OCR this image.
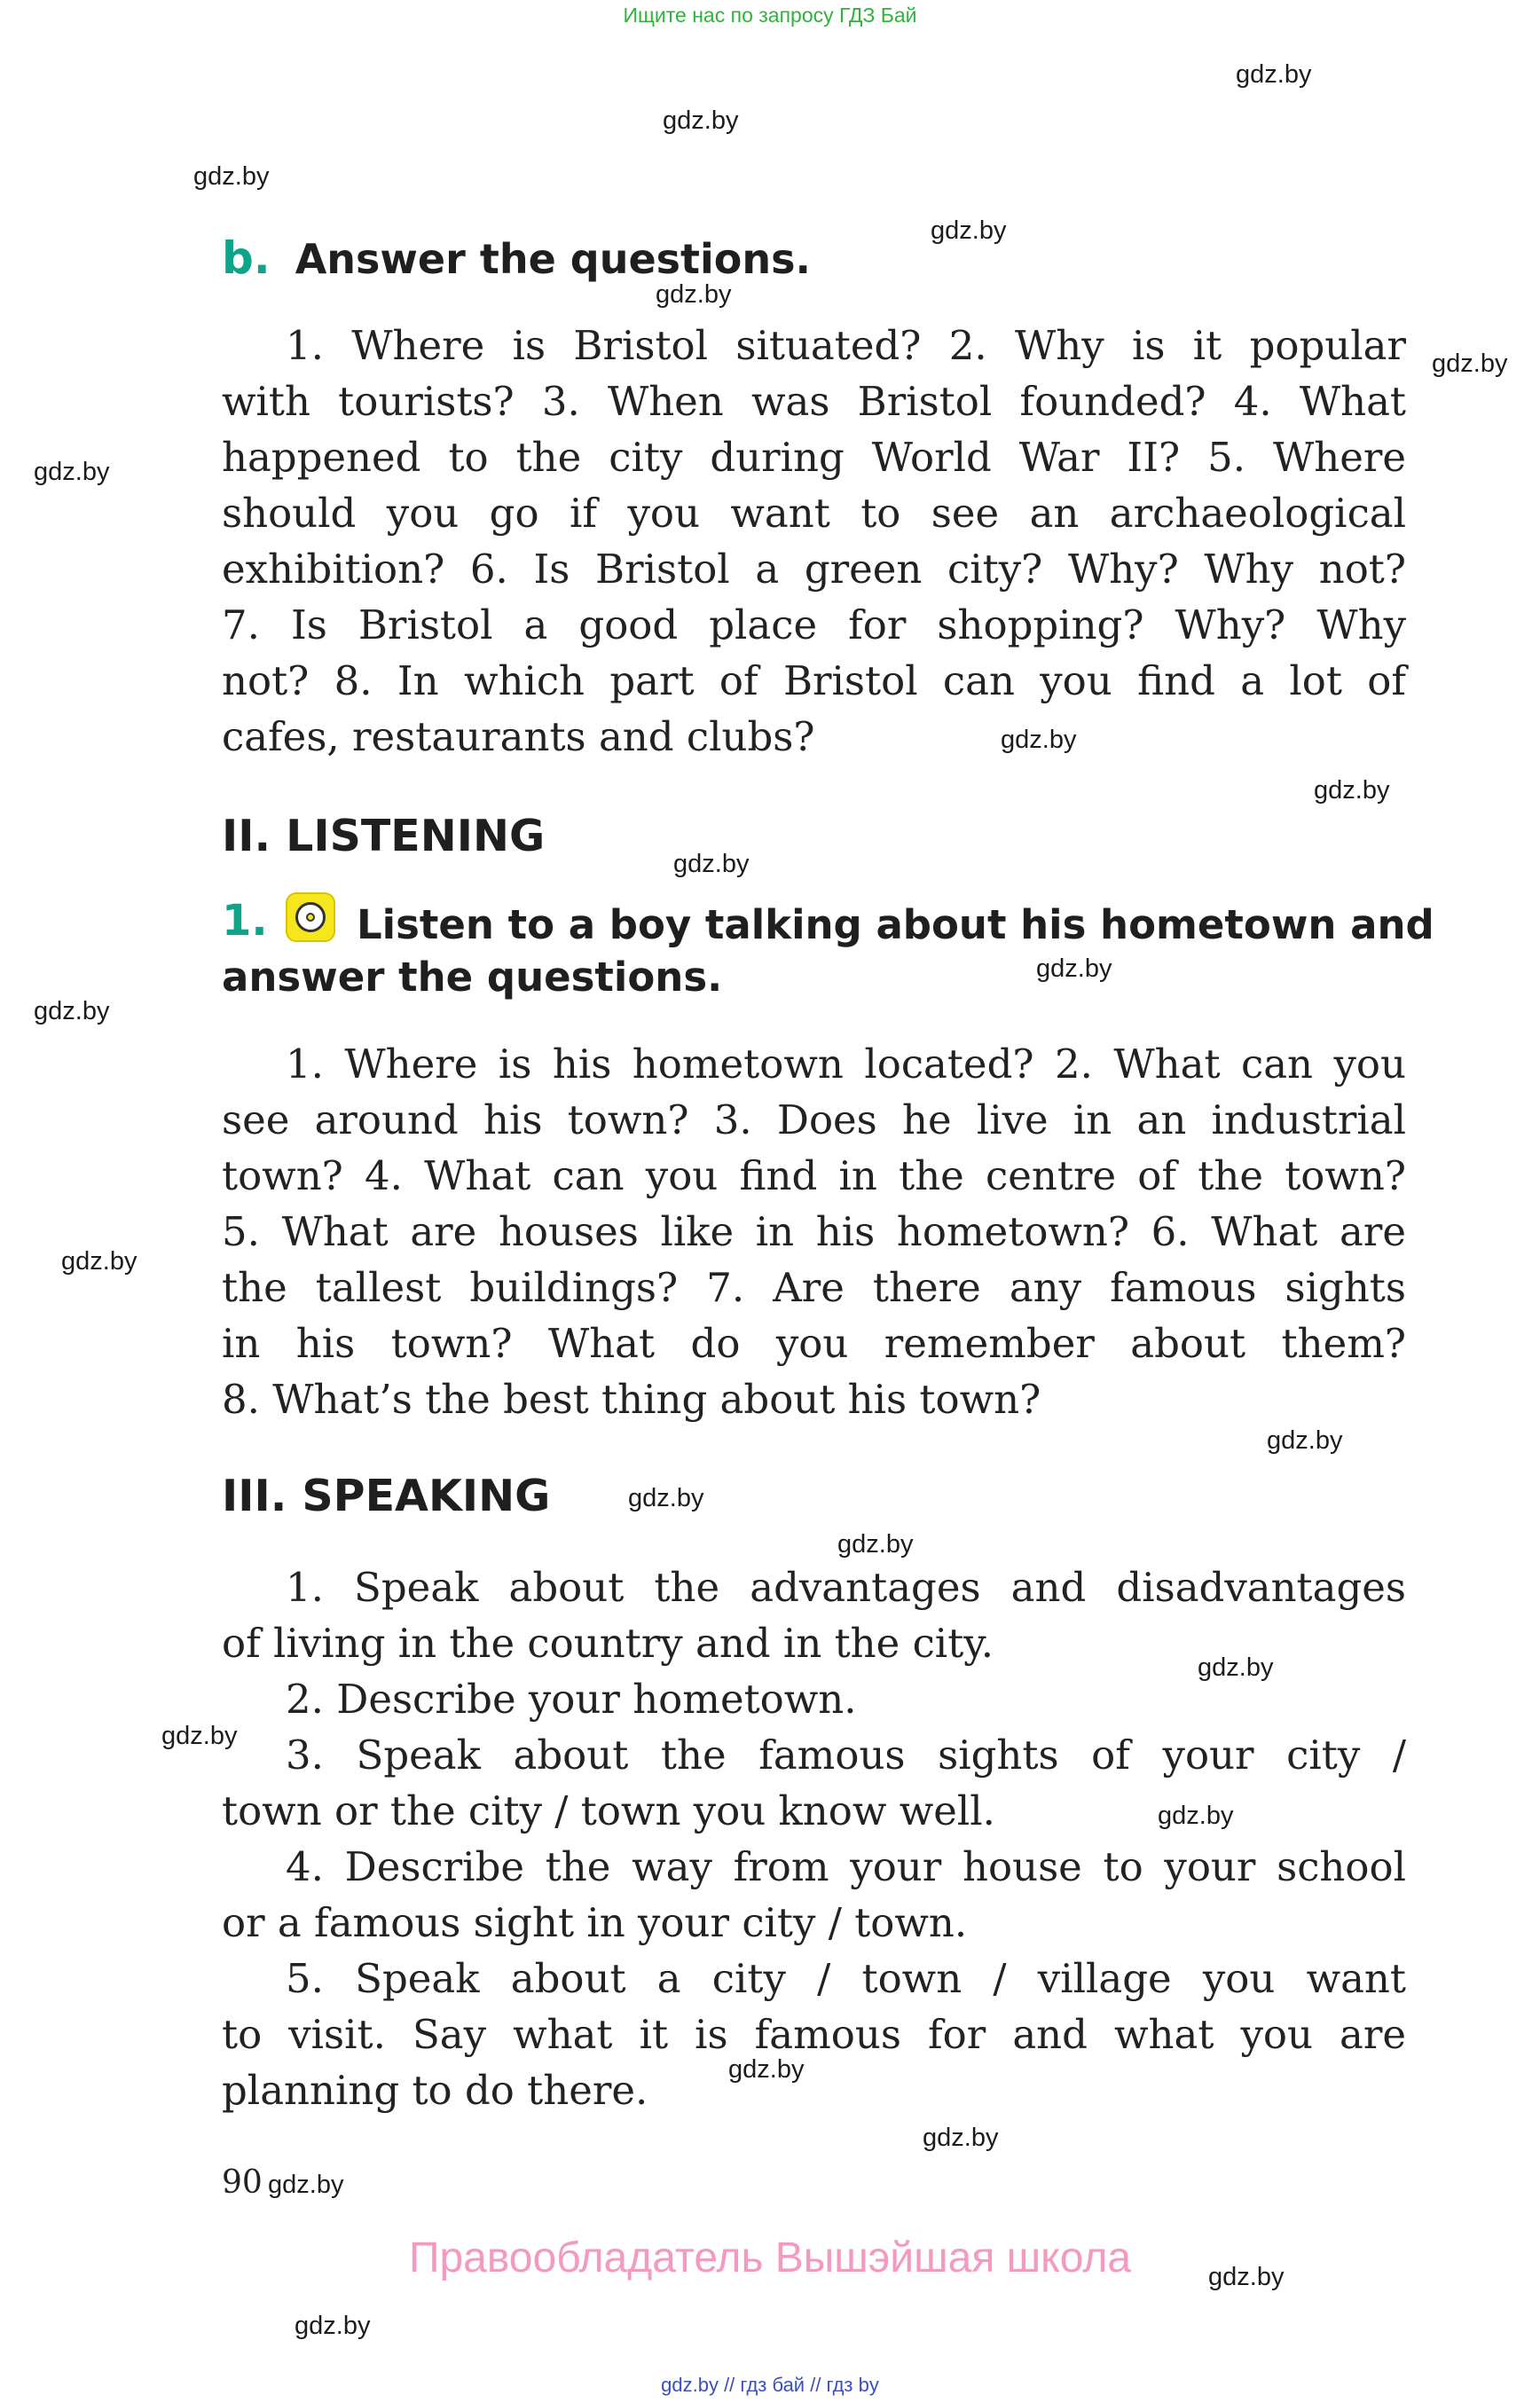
Ищите нас по запросу ГДЗ Бай
gdz.by
gdz.by
gdz.by
gdz.by
gdz.by
gdz.by
gdz.by
gdz.by
gdz.by
gdz.by
gdz.by
gdz.by
gdz.by
gdz.by
gdz.by
gdz.by
gdz.by
gdz.by
gdz.by
gdz.by
gdz.by
gdz.by
gdz.by
gdz.by
b. Answer the questions.
1. Where is Bristol situated? 2. Why is it popular
with tourists? 3. When was Bristol founded? 4. What
happened to the city during World War II? 5. Where
should you go if you want to see an archaeological
exhibition? 6. Is Bristol a green city? Why? Why not?
7. Is Bristol a good place for shopping? Why? Why
not? 8. In which part of Bristol can you find a lot of
cafes, restaurants and clubs?
II. LISTENING
1. Listen to a boy talking about his hometown and
answer the questions.
1. Where is his hometown located? 2. What can you
see around his town? 3. Does he live in an industrial
town? 4. What can you find in the centre of the town?
5. What are houses like in his hometown? 6. What are
the tallest buildings? 7. Are there any famous sights
in his town? What do you remember about them?
8. What’s the best thing about his town?
III. SPEAKING
1. Speak about the advantages and disadvantages
of living in the country and in the city.
2. Describe your hometown.
3. Speak about the famous sights of your city /
town or the city / town you know well.
4. Describe the way from your house to your school
or a famous sight in your city / town.
5. Speak about a city / town / village you want
to visit. Say what it is famous for and what you are
planning to do there.
90
Правообладатель Вышэйшая школа
gdz.by // гдз бай // гдз by
